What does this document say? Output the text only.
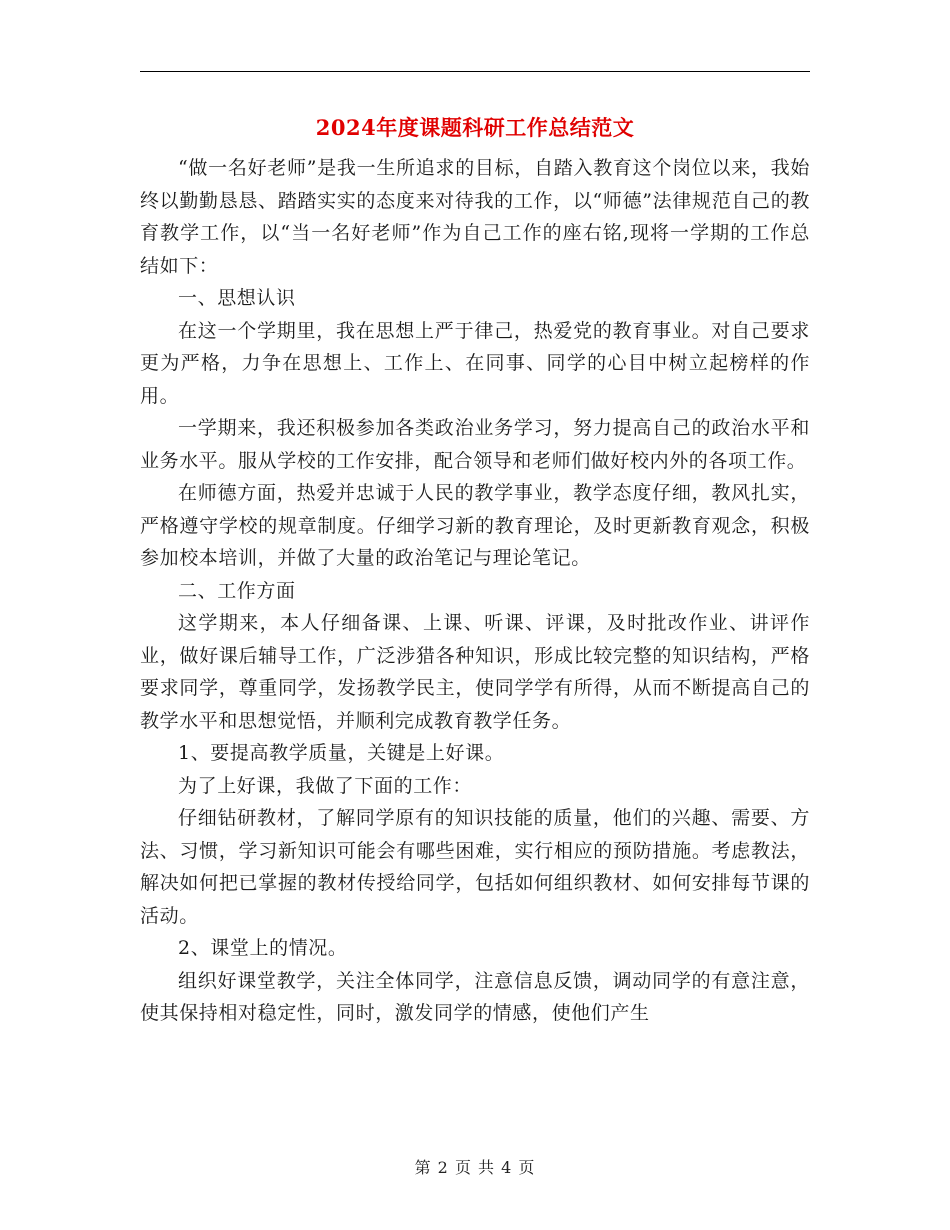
2024年度课题科研工作总结范文

“做一名好老师”是我一生所追求的目标，自踏入教育这个岗位以来，我始终以勤勤恳恳、踏踏实实的态度来对待我的工作，以“师德”法律规范自己的教育教学工作，以“当一名好老师”作为自己工作的座右铭,现将一学期的工作总结如下：

一、思想认识

在这一个学期里，我在思想上严于律己，热爱党的教育事业。对自己要求更为严格，力争在思想上、工作上、在同事、同学的心目中树立起榜样的作用。

一学期来，我还积极参加各类政治业务学习，努力提高自己的政治水平和业务水平。服从学校的工作安排，配合领导和老师们做好校内外的各项工作。

在师德方面，热爱并忠诚于人民的教学事业，教学态度仔细，教风扎实，严格遵守学校的规章制度。仔细学习新的教育理论，及时更新教育观念，积极参加校本培训，并做了大量的政治笔记与理论笔记。

二、工作方面

这学期来，本人仔细备课、上课、听课、评课，及时批改作业、讲评作业，做好课后辅导工作，广泛涉猎各种知识，形成比较完整的知识结构，严格要求同学，尊重同学，发扬教学民主，使同学学有所得，从而不断提高自己的教学水平和思想觉悟，并顺利完成教育教学任务。

1、要提高教学质量，关键是上好课。

为了上好课，我做了下面的工作：

仔细钻研教材，了解同学原有的知识技能的质量，他们的兴趣、需要、方法、习惯，学习新知识可能会有哪些困难，实行相应的预防措施。考虑教法，解决如何把已掌握的教材传授给同学，包括如何组织教材、如何安排每节课的活动。

2、课堂上的情况。

组织好课堂教学，关注全体同学，注意信息反馈，调动同学的有意注意，使其保持相对稳定性，同时，激发同学的情感，使他们产生

第 2 页 共 4 页
